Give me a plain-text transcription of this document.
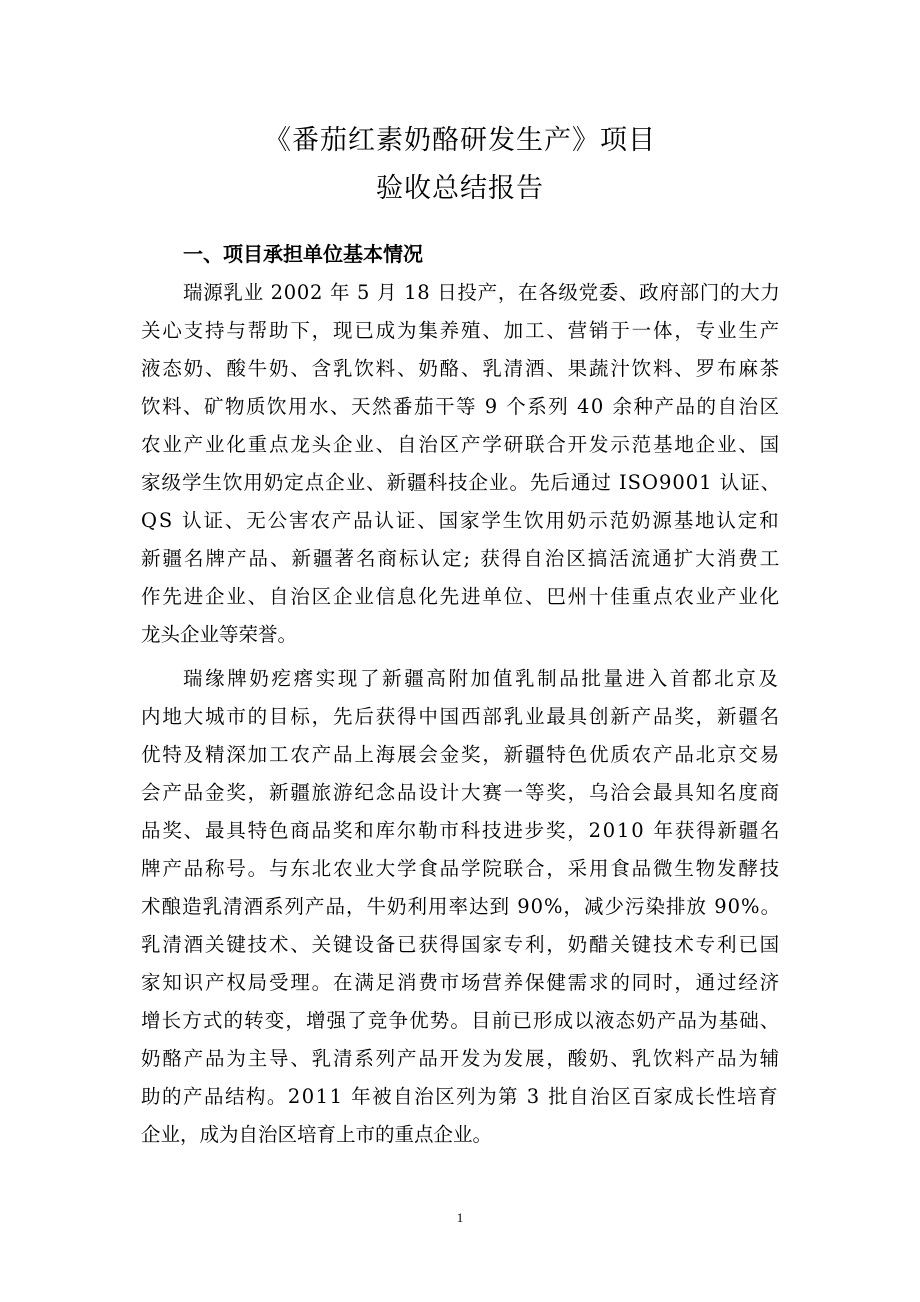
《番茄红素奶酪研发生产》项目
验收总结报告
一、项目承担单位基本情况
瑞源乳业 2002 年 5 月 18 日投产，在各级党委、政府部门的大力
关心支持与帮助下，现已成为集养殖、加工、营销于一体，专业生产
液态奶、酸牛奶、含乳饮料、奶酪、乳清酒、果蔬汁饮料、罗布麻茶
饮料、矿物质饮用水、天然番茄干等 9 个系列 40 余种产品的自治区
农业产业化重点龙头企业、自治区产学研联合开发示范基地企业、国
家级学生饮用奶定点企业、新疆科技企业。先后通过 ISO9001 认证、
QS 认证、无公害农产品认证、国家学生饮用奶示范奶源基地认定和
新疆名牌产品、新疆著名商标认定; 获得自治区搞活流通扩大消费工
作先进企业、自治区企业信息化先进单位、巴州十佳重点农业产业化
龙头企业等荣誉。
瑞缘牌奶疙瘩实现了新疆高附加值乳制品批量进入首都北京及
内地大城市的目标，先后获得中国西部乳业最具创新产品奖，新疆名
优特及精深加工农产品上海展会金奖，新疆特色优质农产品北京交易
会产品金奖，新疆旅游纪念品设计大赛一等奖，乌洽会最具知名度商
品奖、最具特色商品奖和库尔勒市科技进步奖，2010 年获得新疆名
牌产品称号。与东北农业大学食品学院联合，采用食品微生物发酵技
术酿造乳清酒系列产品，牛奶利用率达到 90%，减少污染排放 90%。
乳清酒关键技术、关键设备已获得国家专利，奶醋关键技术专利已国
家知识产权局受理。在满足消费市场营养保健需求的同时，通过经济
增长方式的转变，增强了竞争优势。目前已形成以液态奶产品为基础、
奶酪产品为主导、乳清系列产品开发为发展，酸奶、乳饮料产品为辅
助的产品结构。2011 年被自治区列为第 3 批自治区百家成长性培育
企业，成为自治区培育上市的重点企业。
1
